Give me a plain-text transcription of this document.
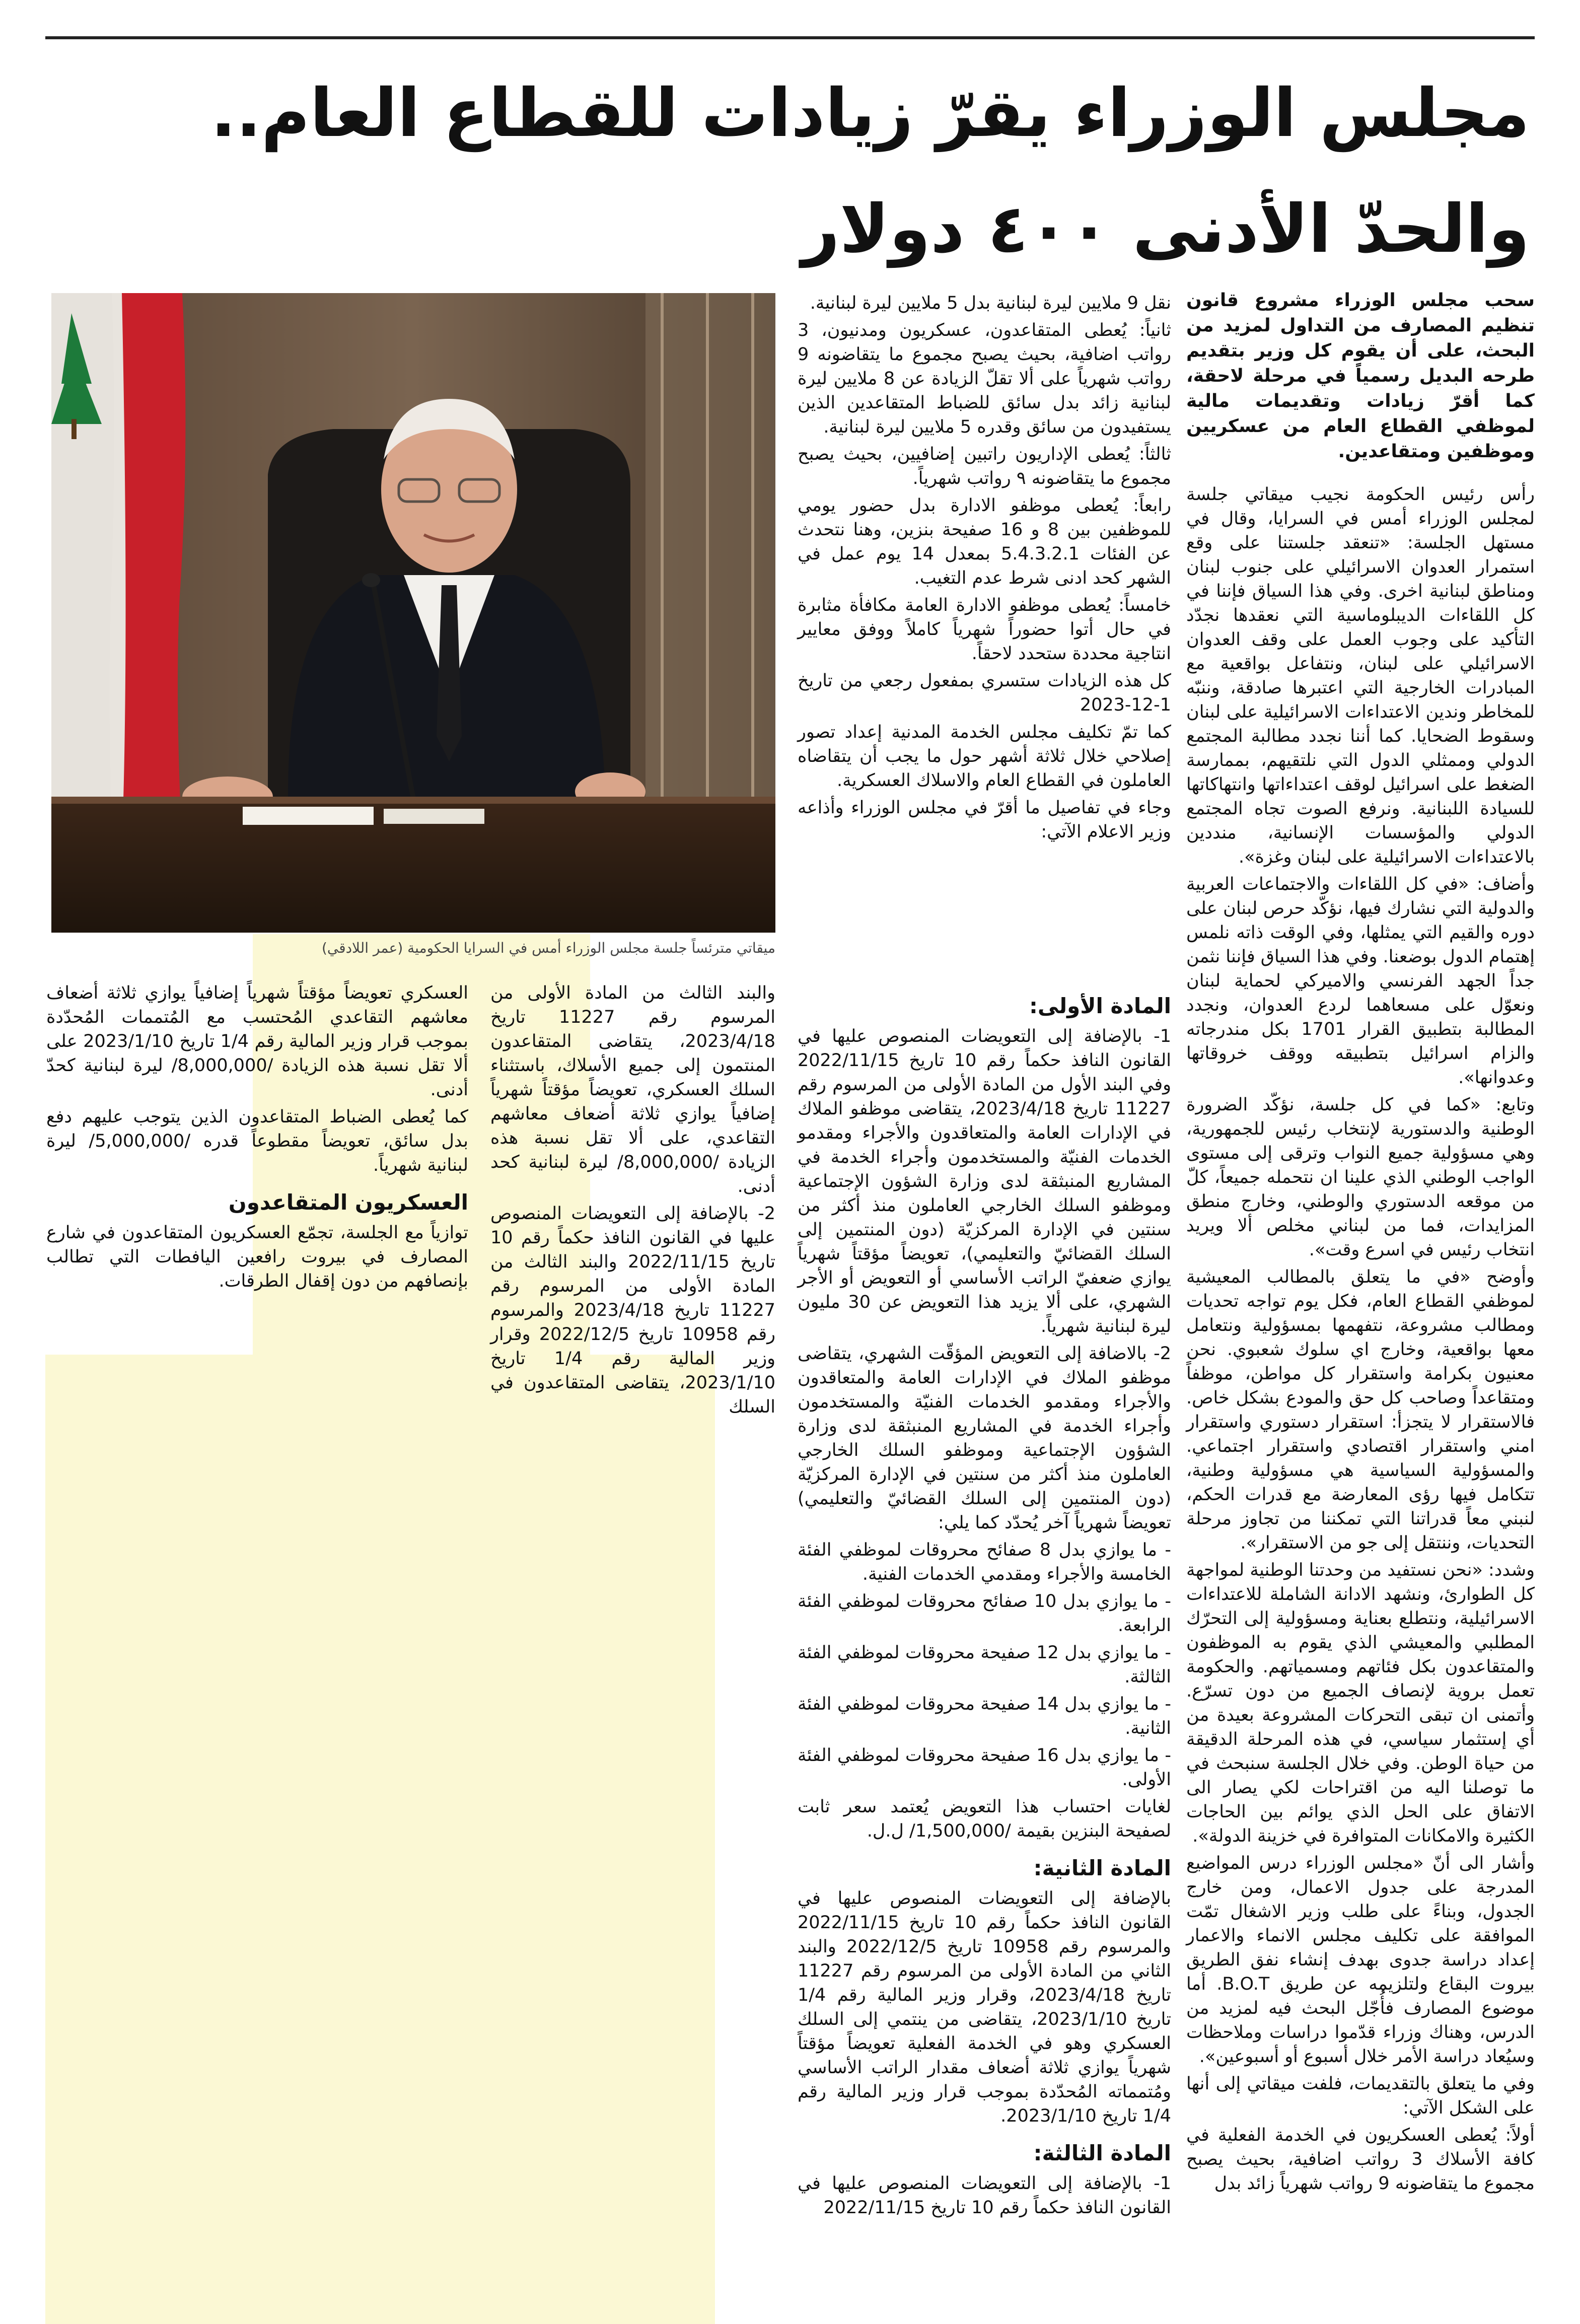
مجلس الوزراء يقرّ زيادات للقطاع العام..
والحدّ الأدنى ٤٠٠ دولار
ميقاتي مترئساً جلسة مجلس الوزراء أمس في السرايا الحكومية (عمر اللادقي)

سحب مجلس الوزراء مشروع قانون تنظيم المصارف من التداول لمزيد من البحث، على أن يقوم كل وزير بتقديم طرحه البديل رسمياً في مرحلة لاحقة، كما أقرّ زيادات وتقديمات مالية لموظفي القطاع العام من عسكريين وموظفين ومتقاعدين.

رأس رئيس الحكومة نجيب ميقاتي جلسة لمجلس الوزراء أمس في السرايا، وقال في مستهل الجلسة: «تنعقد جلستنا على وقع استمرار العدوان الاسرائيلي على جنوب لبنان ومناطق لبنانية اخرى. وفي هذا السياق فإننا في كل اللقاءات الديبلوماسية التي نعقدها نجدّد التأكيد على وجوب العمل على وقف العدوان الاسرائيلي على لبنان، ونتفاعل بواقعية مع المبادرات الخارجية التي اعتبرها صادقة، وننبّه للمخاطر وندين الاعتداءات الاسرائيلية على لبنان وسقوط الضحايا. كما أننا نجدد مطالبة المجتمع الدولي وممثلي الدول التي نلتقيهم، بممارسة الضغط على اسرائيل لوقف اعتداءاتها وانتهاكاتها للسيادة اللبنانية. ونرفع الصوت تجاه المجتمع الدولي والمؤسسات الإنسانية، منددين بالاعتداءات الاسرائيلية على لبنان وغزة».

وأضاف: «في كل اللقاءات والاجتماعات العربية والدولية التي نشارك فيها، نؤكّد حرص لبنان على دوره والقيم التي يمثلها، وفي الوقت ذاته نلمس إهتمام الدول بوضعنا. وفي هذا السياق فإننا نثمن جداً الجهد الفرنسي والاميركي لحماية لبنان ونعوّل على مسعاهما لردع العدوان، ونجدد المطالبة بتطبيق القرار 1701 بكل مندرجاته والزام اسرائيل بتطبيقه ووقف خروقاتها وعدوانها».

وتابع: «كما في كل جلسة، نؤكّد الضرورة الوطنية والدستورية لإنتخاب رئيس للجمهورية، وهي مسؤولية جميع النواب وترقى إلى مستوى الواجب الوطني الذي علينا ان نتحمله جميعاً، كلّ من موقعه الدستوري والوطني، وخارج منطق المزايدات، فما من لبناني مخلص ألا ويريد انتخاب رئيس في اسرع وقت».

وأوضح «في ما يتعلق بالمطالب المعيشية لموظفي القطاع العام، فكل يوم تواجه تحديات ومطالب مشروعة، نتفهمها بمسؤولية ونتعامل معها بواقعية، وخارج اي سلوك شعبوي. نحن معنيون بكرامة واستقرار كل مواطن، موظفاً ومتقاعداً وصاحب كل حق والمودع بشكل خاص. فالاستقرار لا يتجزأ: استقرار دستوري واستقرار امني واستقرار اقتصادي واستقرار اجتماعي. والمسؤولية السياسية هي مسؤولية وطنية، تتكامل فيها رؤى المعارضة مع قدرات الحكم، لنبني معاً قدراتنا التي تمكننا من تجاوز مرحلة التحديات، وننتقل إلى جو من الاستقرار».

وشدد: «نحن نستفيد من وحدتنا الوطنية لمواجهة كل الطوارئ، ونشهد الادانة الشاملة للاعتداءات الاسرائيلية، ونتطلع بعناية ومسؤولية إلى التحرّك المطلبي والمعيشي الذي يقوم به الموظفون والمتقاعدون بكل فئاتهم ومسمياتهم. والحكومة تعمل بروية لإنصاف الجميع من دون تسرّع. وأتمنى ان تبقى التحركات المشروعة بعيدة من أي إستثمار سياسي، في هذه المرحلة الدقيقة من حياة الوطن. وفي خلال الجلسة سنبحث في ما توصلنا اليه من اقتراحات لكي يصار الى الاتفاق على الحل الذي يوائم بين الحاجات الكثيرة والامكانات المتوافرة في خزينة الدولة».

وأشار الى أنّ «مجلس الوزراء درس المواضيع المدرجة على جدول الاعمال، ومن خارج الجدول، وبناءً على طلب وزير الاشغال تمّت الموافقة على تكليف مجلس الانماء والاعمار إعداد دراسة جدوى بهدف إنشاء نفق الطريق بيروت البقاع ولتلزيمه عن طريق B.O.T. أما موضوع المصارف فأُجّل البحث فيه لمزيد من الدرس، وهناك وزراء قدّموا دراسات وملاحظات وسيُعاد دراسة الأمر خلال أسبوع أو أسبوعين».

وفي ما يتعلق بالتقديمات، فلفت ميقاتي إلى أنها على الشكل الآتي:

أولاً: يُعطى العسكريون في الخدمة الفعلية في كافة الأسلاك 3 رواتب اضافية، بحيث يصبح مجموع ما يتقاضونه 9 رواتب شهرياً زائد بدل

نقل 9 ملايين ليرة لبنانية بدل 5 ملايين ليرة لبنانية.

ثانياً: يُعطى المتقاعدون، عسكريون ومدنيون، 3 رواتب اضافية، بحيث يصبح مجموع ما يتقاضونه 9 رواتب شهرياً على ألا تقلّ الزيادة عن 8 ملايين ليرة لبنانية زائد بدل سائق للضباط المتقاعدين الذين يستفيدون من سائق وقدره 5 ملايين ليرة لبنانية.

ثالثاً: يُعطى الإداريون راتبين إضافيين، بحيث يصبح مجموع ما يتقاضونه ٩ رواتب شهرياً.

رابعاً: يُعطى موظفو الادارة بدل حضور يومي للموظفين بين 8 و 16 صفيحة بنزين، وهنا نتحدث عن الفئات 5.4.3.2.1 بمعدل 14 يوم عمل في الشهر كحد ادنى شرط عدم التغيب.

خامساً: يُعطى موظفو الادارة العامة مكافأة مثابرة في حال أتوا حضوراً شهرياً كاملاً ووفق معايير انتاجية محددة ستحدد لاحقاً.

كل هذه الزيادات ستسري بمفعول رجعي من تاريخ 1-12-2023

كما تمّ تكليف مجلس الخدمة المدنية إعداد تصور إصلاحي خلال ثلاثة أشهر حول ما يجب أن يتقاضاه العاملون في القطاع العام والاسلاك العسكرية.

وجاء في تفاصيل ما أقرّ في مجلس الوزراء وأذاعه وزير الاعلام الآتي:

المادة الأولى:

1- بالإضافة إلى التعويضات المنصوص عليها في القانون النافذ حكماً رقم 10 تاريخ 2022/11/15 وفي البند الأول من المادة الأولى من المرسوم رقم 11227 تاريخ 2023/4/18، يتقاضى موظفو الملاك في الإدارات العامة والمتعاقدون والأجراء ومقدمو الخدمات الفنيّة والمستخدمون وأجراء الخدمة في المشاريع المنبثقة لدى وزارة الشؤون الإجتماعية وموظفو السلك الخارجي العاملون منذ أكثر من سنتين في الإدارة المركزيّة (دون المنتمين إلى السلك القضائيّ والتعليمي)، تعويضاً مؤقتاً شهرياً يوازي ضعفيّ الراتب الأساسي أو التعويض أو الأجر الشهري، على ألا يزيد هذا التعويض عن 30 مليون ليرة لبنانية شهرياً.

2- بالاضافة إلى التعويض المؤقّت الشهري، يتقاضى موظفو الملاك في الإدارات العامة والمتعاقدون والأجراء ومقدمو الخدمات الفنيّة والمستخدمون وأجراء الخدمة في المشاريع المنبثقة لدى وزارة الشؤون الإجتماعية وموظفو السلك الخارجي العاملون منذ أكثر من سنتين في الإدارة المركزيّة (دون المنتمين إلى السلك القضائيّ والتعليمي) تعويضاً شهرياً آخر يُحدّد كما يلي:

- ما يوازي بدل 8 صفائح محروقات لموظفي الفئة الخامسة والأجراء ومقدمي الخدمات الفنية.

- ما يوازي بدل 10 صفائح محروقات لموظفي الفئة الرابعة.

- ما يوازي بدل 12 صفيحة محروقات لموظفي الفئة الثالثة.

- ما يوازي بدل 14 صفيحة محروقات لموظفي الفئة الثانية.

- ما يوازي بدل 16 صفيحة محروقات لموظفي الفئة الأولى.

لغايات احتساب هذا التعويض يُعتمد سعر ثابت لصفيحة البنزين بقيمة /1,500,000/ ل.ل.

المادة الثانية:

بالإضافة إلى التعويضات المنصوص عليها في القانون النافذ حكماً رقم 10 تاريخ 2022/11/15 والمرسوم رقم 10958 تاريخ 2022/12/5 والبند الثاني من المادة الأولى من المرسوم رقم 11227 تاريخ 2023/4/18، وقرار وزير المالية رقم 1/4 تاريخ 2023/1/10، يتقاضى من ينتمي إلى السلك العسكري وهو في الخدمة الفعلية تعويضاً مؤقتاً شهرياً يوازي ثلاثة أضعاف مقدار الراتب الأساسي ومُتمماته المُحدّدة بموجب قرار وزير المالية رقم 1/4 تاريخ 2023/1/10.

المادة الثالثة:

1- بالإضافة إلى التعويضات المنصوص عليها في القانون النافذ حكماً رقم 10 تاريخ 2022/11/15

والبند الثالث من المادة الأولى من المرسوم رقم 11227 تاريخ 2023/4/18، يتقاضى المتقاعدون المنتمون إلى جميع الأسلاك، باستثناء السلك العسكري، تعويضاً مؤقتاً شهرياً إضافياً يوازي ثلاثة أضعاف معاشهم التقاعدي، على ألا تقل نسبة هذه الزيادة /8,000,000/ ليرة لبنانية كحد أدنى.

2- بالإضافة إلى التعويضات المنصوص عليها في القانون النافذ حكماً رقم 10 تاريخ 2022/11/15 والبند الثالث من المادة الأولى من المرسوم رقم 11227 تاريخ 2023/4/18 والمرسوم رقم 10958 تاريخ 2022/12/5 وقرار وزير المالية رقم 1/4 تاريخ 2023/1/10، يتقاضى المتقاعدون في السلك

العسكري تعويضاً مؤقتاً شهرياً إضافياً يوازي ثلاثة أضعاف معاشهم التقاعدي المُحتسب مع المُتممات المُحدّدة بموجب قرار وزير المالية رقم 1/4 تاريخ 2023/1/10 على ألا تقل نسبة هذه الزيادة /8,000,000/ ليرة لبنانية كحدّ أدنى.

كما يُعطى الضباط المتقاعدون الذين يتوجب عليهم دفع بدل سائق، تعويضاً مقطوعاً قدره /5,000,000/ ليرة لبنانية شهرياً.

العسكريون المتقاعدون

توازياً مع الجلسة، تجمّع العسكريون المتقاعدون في شارع المصارف في بيروت رافعين اليافطات التي تطالب بإنصافهم من دون إقفال الطرقات.
